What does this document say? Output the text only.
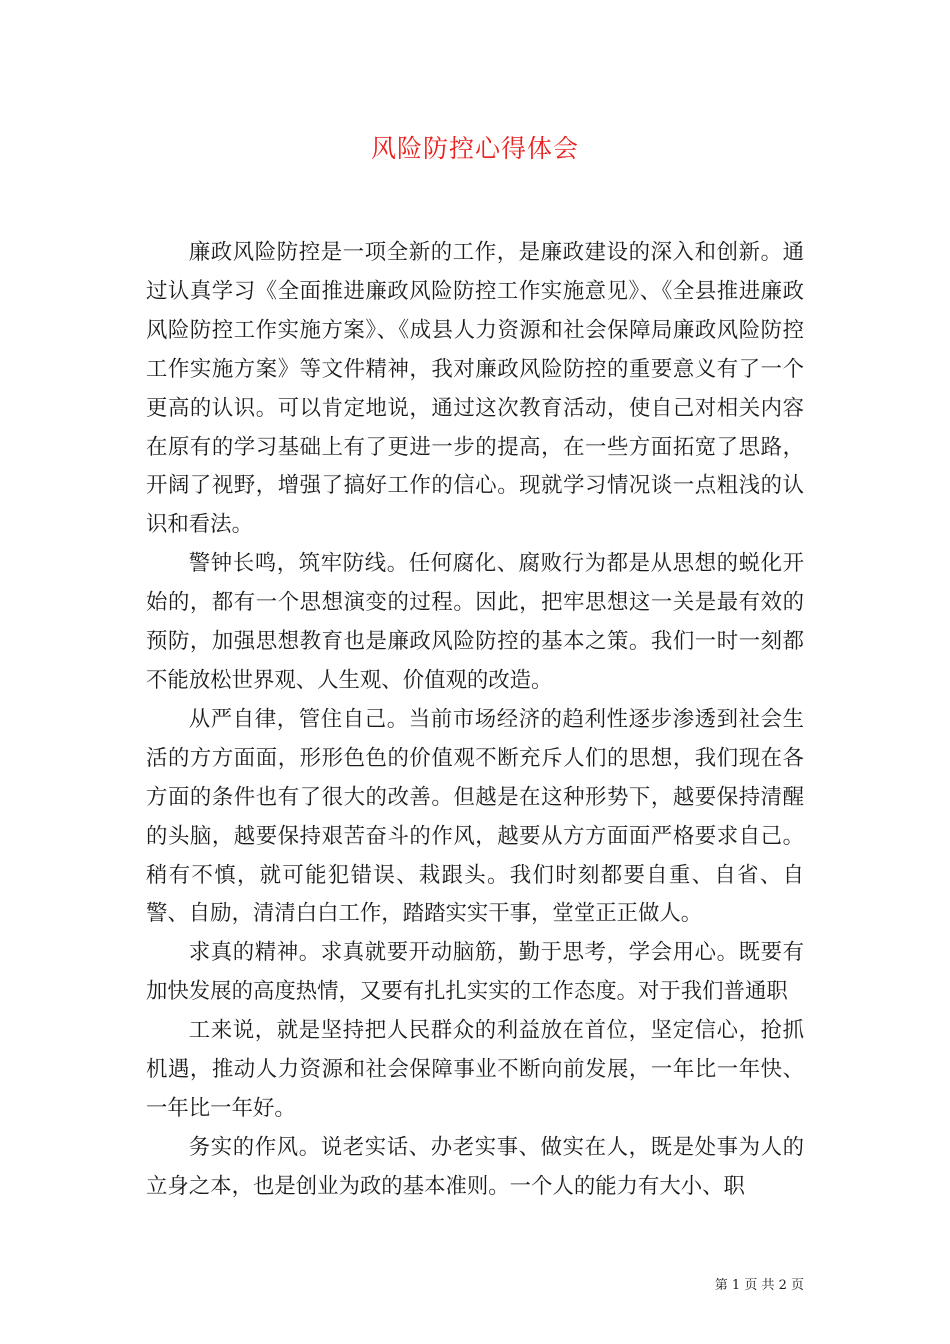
风险防控心得体会

廉政风险防控是一项全新的工作，是廉政建设的深入和创新。通过认真学习《全面推进廉政风险防控工作实施意见》、《全县推进廉政风险防控工作实施方案》、《成县人力资源和社会保障局廉政风险防控工作实施方案》等文件精神，我对廉政风险防控的重要意义有了一个更高的认识。可以肯定地说，通过这次教育活动，使自己对相关内容在原有的学习基础上有了更进一步的提高，在一些方面拓宽了思路，开阔了视野，增强了搞好工作的信心。现就学习情况谈一点粗浅的认识和看法。

警钟长鸣，筑牢防线。任何腐化、腐败行为都是从思想的蜕化开始的，都有一个思想演变的过程。因此，把牢思想这一关是最有效的预防，加强思想教育也是廉政风险防控的基本之策。我们一时一刻都不能放松世界观、人生观、价值观的改造。

从严自律，管住自己。当前市场经济的趋利性逐步渗透到社会生活的方方面面，形形色色的价值观不断充斥人们的思想，我们现在各方面的条件也有了很大的改善。但越是在这种形势下，越要保持清醒的头脑，越要保持艰苦奋斗的作风，越要从方方面面严格要求自己。稍有不慎，就可能犯错误、栽跟头。我们时刻都要自重、自省、自警、自励，清清白白工作，踏踏实实干事，堂堂正正做人。

求真的精神。求真就要开动脑筋，勤于思考，学会用心。既要有加快发展的高度热情，又要有扎扎实实的工作态度。对于我们普通职

工来说，就是坚持把人民群众的利益放在首位，坚定信心，抢抓机遇，推动人力资源和社会保障事业不断向前发展，一年比一年快、一年比一年好。

务实的作风。说老实话、办老实事、做实在人，既是处事为人的立身之本，也是创业为政的基本准则。一个人的能力有大小、职

第 1 页 共 2 页
